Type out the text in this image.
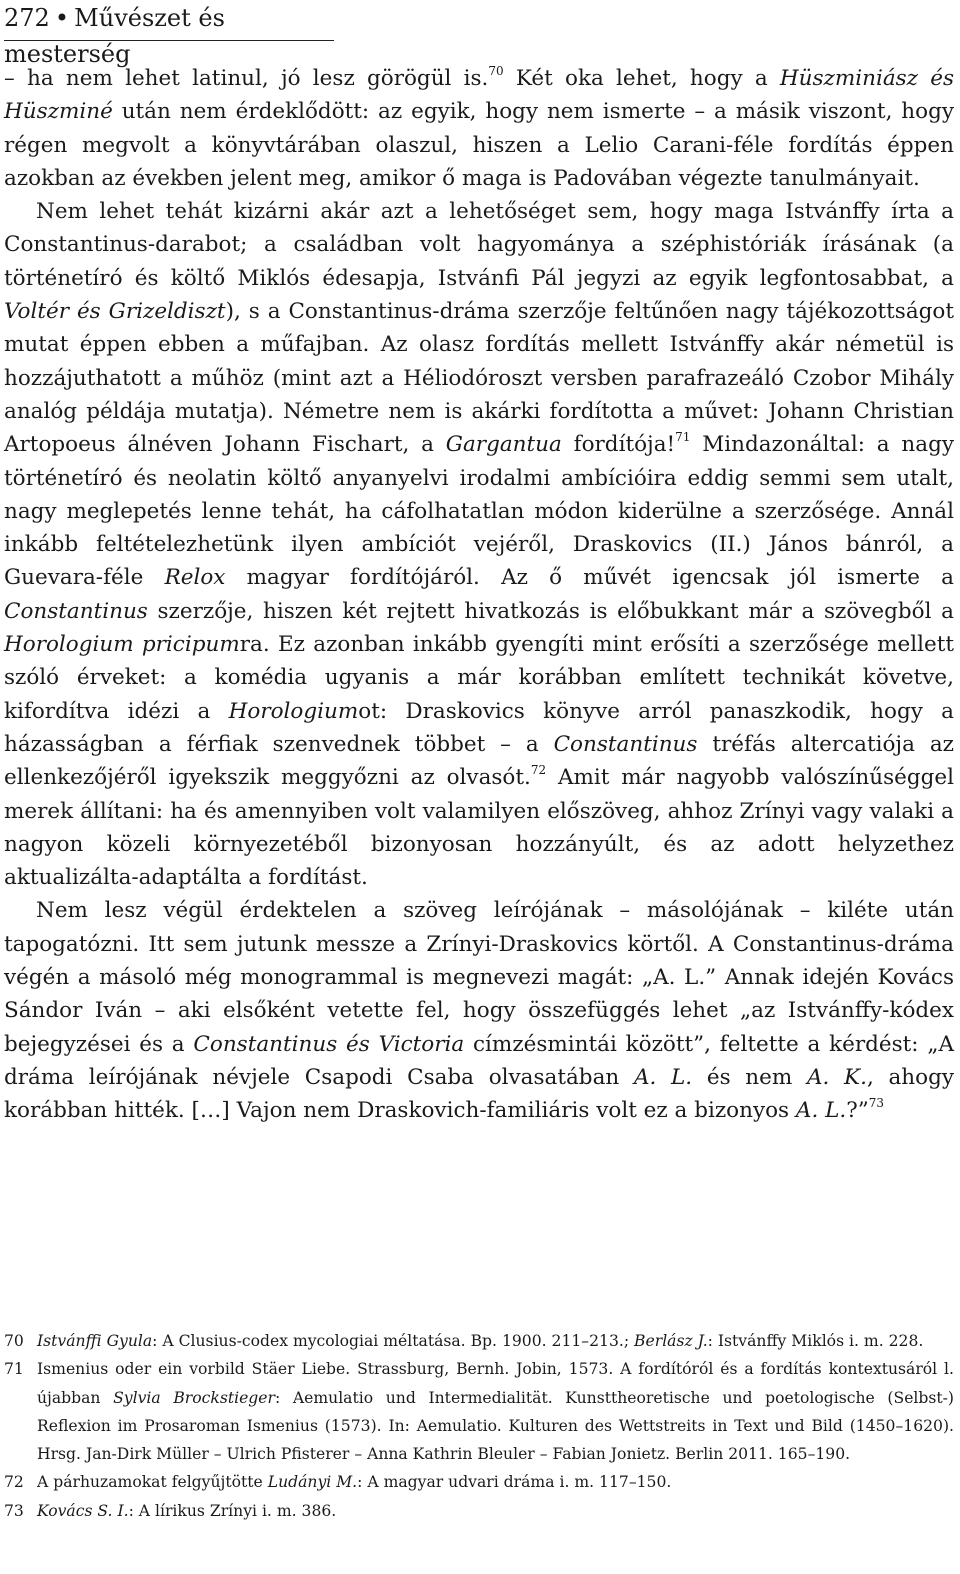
272 • Művészet és mesterség

– ha nem lehet latinul, jó lesz görögül is.$^{70}$ Két oka lehet, hogy a Hüszminiász és Hüszminé után nem érdeklődött: az egyik, hogy nem ismerte – a másik viszont, hogy régen megvolt a könyvtárában olaszul, hiszen a Lelio Carani-féle fordítás éppen azokban az években jelent meg, amikor ő maga is Padovában végezte tanulmányait.

Nem lehet tehát kizárni akár azt a lehetőséget sem, hogy maga Istvánffy írta a Constantinus-darabot; a családban volt hagyománya a széphistóriák írásának (a történetíró és költő Miklós édesapja, Istvánfi Pál jegyzi az egyik legfontosabbat, a Voltér és Grizeldiszt), s a Constantinus-dráma szerzője feltűnően nagy tájékozottságot mutat éppen ebben a műfajban. Az olasz fordítás mellett Istvánffy akár németül is hozzájuthatott a műhöz (mint azt a Héliodóroszt versben parafrazeáló Czobor Mihály analóg példája mutatja). Németre nem is akárki fordította a művet: Johann Christian Artopoeus álnéven Johann Fischart, a Gargantua fordítója!$^{71}$ Mindazonáltal: a nagy történetíró és neolatin költő anyanyelvi irodalmi ambícióira eddig semmi sem utalt, nagy meglepetés lenne tehát, ha cáfolhatatlan módon kiderülne a szerzősége. Annál inkább feltételezhetünk ilyen ambíciót vejéről, Draskovics (II.) János bánról, a Guevara-féle Relox magyar fordítójáról. Az ő művét igencsak jól ismerte a Constantinus szerzője, hiszen két rejtett hivatkozás is előbukkant már a szövegből a Horologium pricipumra. Ez azonban inkább gyengíti mint erősíti a szerzősége mellett szóló érveket: a komédia ugyanis a már korábban említett technikát követve, kifordítva idézi a Horologiumot: Draskovics könyve arról panaszkodik, hogy a házasságban a férfiak szenvednek többet – a Constantinus tréfás altercatiója az ellenkezőjéről igyekszik meggyőzni az olvasót.$^{72}$ Amit már nagyobb valószínűséggel merek állítani: ha és amennyiben volt valamilyen előszöveg, ahhoz Zrínyi vagy valaki a nagyon közeli környezetéből bizonyosan hozzányúlt, és az adott helyzethez aktualizálta-adaptálta a fordítást.

Nem lesz végül érdektelen a szöveg leírójának – másolójának – kiléte után tapogatózni. Itt sem jutunk messze a Zrínyi-Draskovics körtől. A Constantinus-dráma végén a másoló még monogrammal is megnevezi magát: „A. L.” Annak idején Kovács Sándor Iván – aki elsőként vetette fel, hogy összefüggés lehet „az Istvánffy-kódex bejegyzései és a Constantinus és Victoria címzésmintái között”, feltette a kérdést: „A dráma leírójának névjele Csapodi Csaba olvasatában A. L. és nem A. K., ahogy korábban hitték. […] Vajon nem Draskovich-familiáris volt ez a bizonyos A. L.?”$^{73}$

70 Istvánffi Gyula: A Clusius-codex mycologiai méltatása. Bp. 1900. 211–213.; Berlász J.: Istvánffy Miklós i. m. 228.
71 Ismenius oder ein vorbild Stäer Liebe. Strassburg, Bernh. Jobin, 1573. A fordítóról és a fordítás kontextusáról l. újabban Sylvia Brockstieger: Aemulatio und Intermedialität. Kunsttheoretische und poetologische (Selbst-) Reflexion im Prosaroman Ismenius (1573). In: Aemulatio. Kulturen des Wettstreits in Text und Bild (1450–1620). Hrsg. Jan-Dirk Müller – Ulrich Pfisterer – Anna Kathrin Bleuler – Fabian Jonietz. Berlin 2011. 165–190.
72 A párhuzamokat felgyűjtötte Ludányi M.: A magyar udvari dráma i. m. 117–150.
73 Kovács S. I.: A lírikus Zrínyi i. m. 386.
